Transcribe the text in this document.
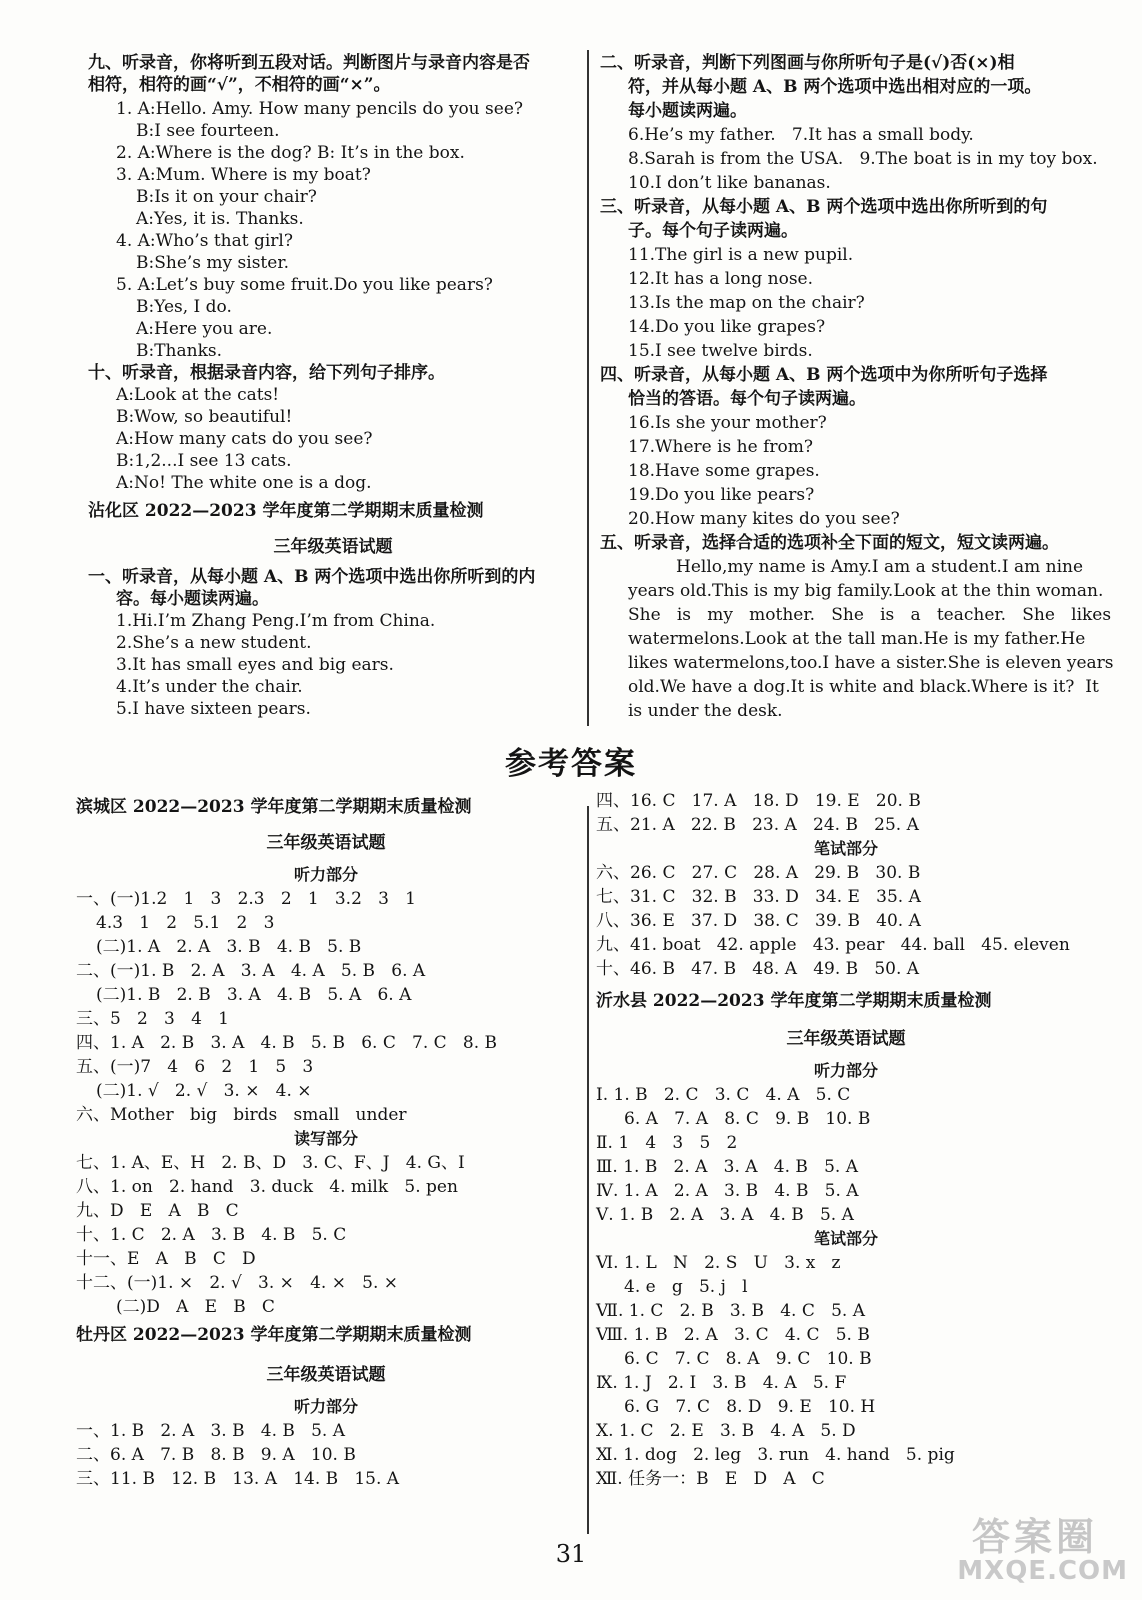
参考答案
31	答案圈
MXQE.COM
九、听录音，你将听到五段对话。判断图片与录音内容是否
相符，相符的画“√”，不相符的画“×”。
1. A:Hello. Amy. How many pencils do you see?
B:I see fourteen.
2. A:Where is the dog? B: It’s in the box.
3. A:Mum. Where is my boat?
B:Is it on your chair?
A:Yes, it is. Thanks.
4. A:Who’s that girl?
B:She’s my sister.
5. A:Let’s buy some fruit.Do you like pears?
B:Yes, I do.
A:Here you are.
B:Thanks.
十、听录音，根据录音内容，给下列句子排序。
A:Look at the cats!
B:Wow, so beautiful!
A:How many cats do you see?
B:1,2...I see 13 cats.
A:No! The white one is a dog.
沾化区 2022—2023 学年度第二学期期末质量检测
三年级英语试题
一、听录音，从每小题 A、B 两个选项中选出你所听到的内
容。每小题读两遍。
1.Hi.I’m Zhang Peng.I’m from China.
2.She’s a new student.
3.It has small eyes and big ears.
4.It’s under the chair.
5.I have sixteen pears.
二、听录音，判断下列图画与你所听句子是(√)否(×)相
符，并从每小题 A、B 两个选项中选出相对应的一项。
每小题读两遍。
6.He’s my father.   7.It has a small body.
8.Sarah is from the USA.   9.The boat is in my toy box.
10.I don’t like bananas.
三、听录音，从每小题 A、B 两个选项中选出你所听到的句
子。每个句子读两遍。
11.The girl is a new pupil.
12.It has a long nose.
13.Is the map on the chair?
14.Do you like grapes?
15.I see twelve birds.
四、听录音，从每小题 A、B 两个选项中为你所听句子选择
恰当的答语。每个句子读两遍。
16.Is she your mother?
17.Where is he from?
18.Have some grapes.
19.Do you like pears?
20.How many kites do you see?
五、听录音，选择合适的选项补全下面的短文，短文读两遍。
Hello,my name is Amy.I am a student.I am nine
years old.This is my big family.Look at the thin woman.
She   is   my   mother.   She   is   a   teacher.   She   likes
watermelons.Look at the tall man.He is my father.He
likes watermelons,too.I have a sister.She is eleven years
old.We have a dog.It is white and black.Where is it?  It
is under the desk.
滨城区 2022—2023 学年度第二学期期末质量检测
三年级英语试题
听力部分
一、(一)1.2   1   3   2.3   2   1   3.2   3   1
4.3   1   2   5.1   2   3
(二)1. A   2. A   3. B   4. B   5. B
二、(一)1. B   2. A   3. A   4. A   5. B   6. A
(二)1. B   2. B   3. A   4. B   5. A   6. A
三、5   2   3   4   1
四、1. A   2. B   3. A   4. B   5. B   6. C   7. C   8. B
五、(一)7   4   6   2   1   5   3
(二)1. √   2. √   3. ×   4. ×
六、Mother   big   birds   small   under
读写部分
七、1. A、E、H   2. B、D   3. C、F、J   4. G、I
八、1. on   2. hand   3. duck   4. milk   5. pen
九、D   E   A   B   C
十、1. C   2. A   3. B   4. B   5. C
十一、E   A   B   C   D
十二、(一)1. ×   2. √   3. ×   4. ×   5. ×
(二)D   A   E   B   C
牡丹区 2022—2023 学年度第二学期期末质量检测
三年级英语试题
听力部分
一、1. B   2. A   3. B   4. B   5. A
二、6. A   7. B   8. B   9. A   10. B
三、11. B   12. B   13. A   14. B   15. A
四、16. C   17. A   18. D   19. E   20. B
五、21. A   22. B   23. A   24. B   25. A
笔试部分
六、26. C   27. C   28. A   29. B   30. B
七、31. C   32. B   33. D   34. E   35. A
八、36. E   37. D   38. C   39. B   40. A
九、41. boat   42. apple   43. pear   44. ball   45. eleven
十、46. B   47. B   48. A   49. B   50. A
沂水县 2022—2023 学年度第二学期期末质量检测
三年级英语试题
听力部分
Ⅰ. 1. B   2. C   3. C   4. A   5. C
6. A   7. A   8. C   9. B   10. B
Ⅱ. 1   4   3   5   2
Ⅲ. 1. B   2. A   3. A   4. B   5. A
Ⅳ. 1. A   2. A   3. B   4. B   5. A
Ⅴ. 1. B   2. A   3. A   4. B   5. A
笔试部分
Ⅵ. 1. L   N   2. S   U   3. x   z
4. e   g   5. j   l
Ⅶ. 1. C   2. B   3. B   4. C   5. A
Ⅷ. 1. B   2. A   3. C   4. C   5. B
6. C   7. C   8. A   9. C   10. B
Ⅸ. 1. J   2. I   3. B   4. A   5. F
6. G   7. C   8. D   9. E   10. H
Ⅹ. 1. C   2. E   3. B   4. A   5. D
Ⅺ. 1. dog   2. leg   3. run   4. hand   5. pig
Ⅻ. 任务一：B   E   D   A   C
